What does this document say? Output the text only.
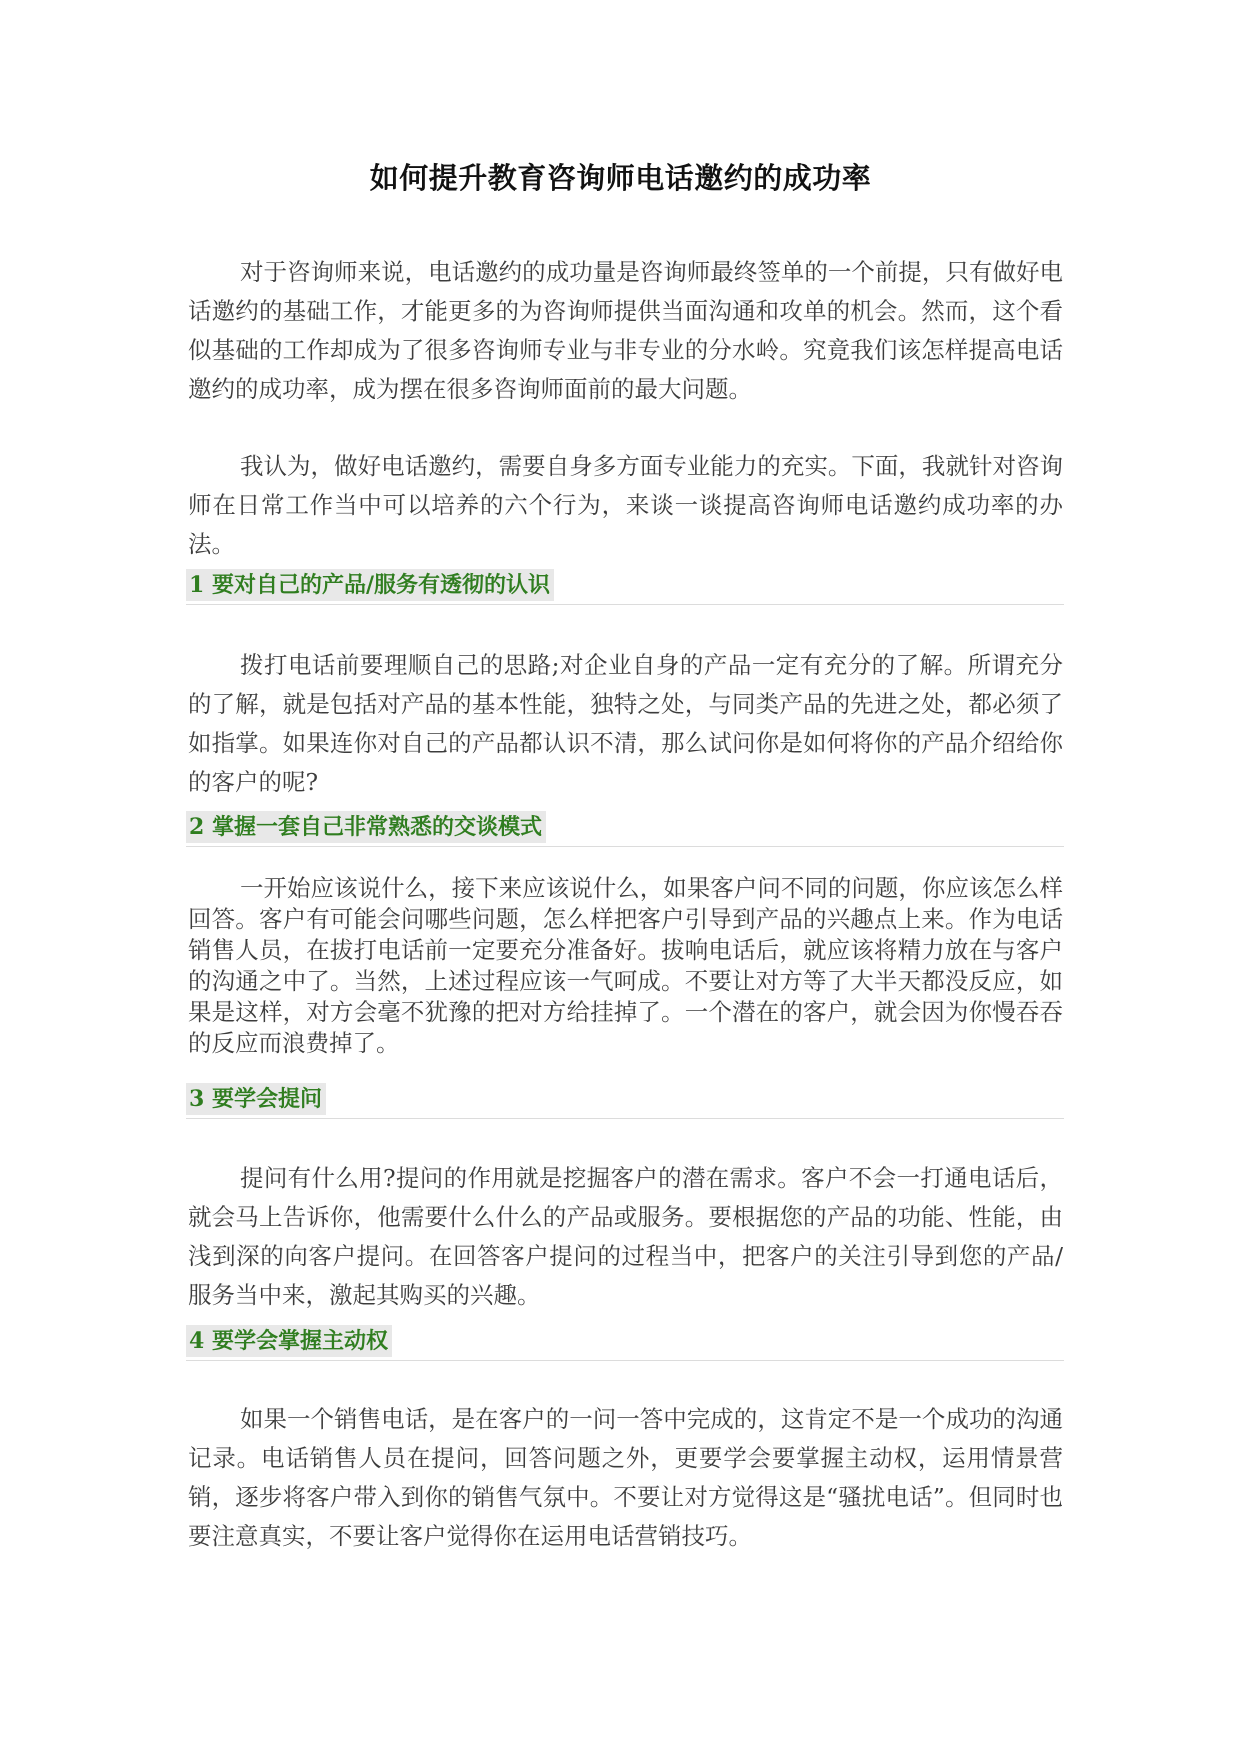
如何提升教育咨询师电话邀约的成功率

对于咨询师来说，电话邀约的成功量是咨询师最终签单的一个前提，只有做好电话邀约的基础工作，才能更多的为咨询师提供当面沟通和攻单的机会。然而，这个看似基础的工作却成为了很多咨询师专业与非专业的分水岭。究竟我们该怎样提高电话邀约的成功率，成为摆在很多咨询师面前的最大问题。

我认为，做好电话邀约，需要自身多方面专业能力的充实。下面，我就针对咨询师在日常工作当中可以培养的六个行为，来谈一谈提高咨询师电话邀约成功率的办法。

1 要对自己的产品/服务有透彻的认识

拨打电话前要理顺自己的思路;对企业自身的产品一定有充分的了解。所谓充分的了解，就是包括对产品的基本性能，独特之处，与同类产品的先进之处，都必须了如指掌。如果连你对自己的产品都认识不清，那么试问你是如何将你的产品介绍给你的客户的呢?

2 掌握一套自己非常熟悉的交谈模式

一开始应该说什么，接下来应该说什么，如果客户问不同的问题，你应该怎么样回答。客户有可能会问哪些问题，怎么样把客户引导到产品的兴趣点上来。作为电话销售人员，在拔打电话前一定要充分准备好。拔响电话后，就应该将精力放在与客户的沟通之中了。当然，上述过程应该一气呵成。不要让对方等了大半天都没反应，如果是这样，对方会毫不犹豫的把对方给挂掉了。一个潜在的客户，就会因为你慢吞吞的反应而浪费掉了。

3 要学会提问

提问有什么用?提问的作用就是挖掘客户的潜在需求。客户不会一打通电话后，就会马上告诉你，他需要什么什么的产品或服务。要根据您的产品的功能、性能，由浅到深的向客户提问。在回答客户提问的过程当中，把客户的关注引导到您的产品/服务当中来，激起其购买的兴趣。

4 要学会掌握主动权

如果一个销售电话，是在客户的一问一答中完成的，这肯定不是一个成功的沟通记录。电话销售人员在提问，回答问题之外，更要学会要掌握主动权，运用情景营销，逐步将客户带入到你的销售气氛中。不要让对方觉得这是“骚扰电话”。但同时也要注意真实，不要让客户觉得你在运用电话营销技巧。
